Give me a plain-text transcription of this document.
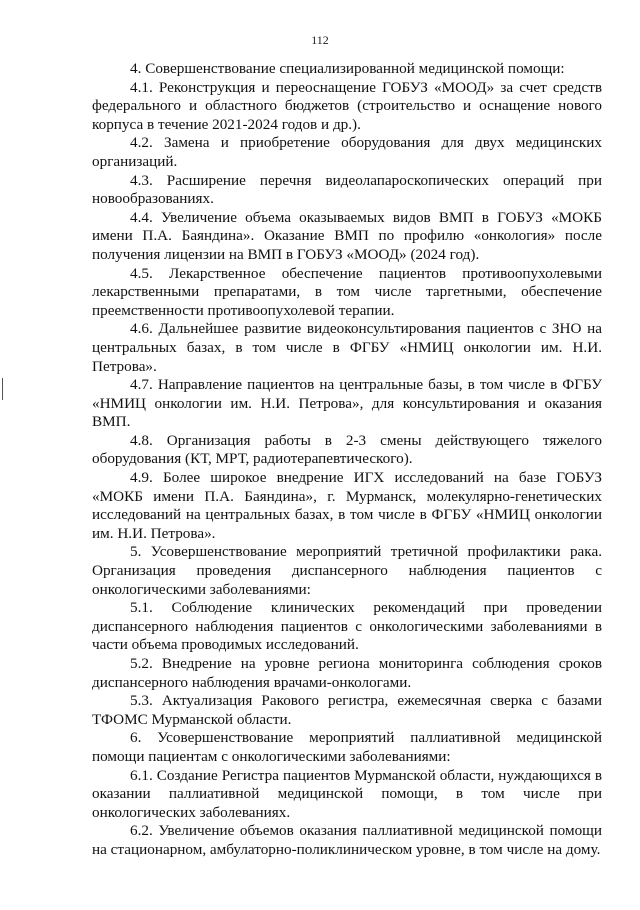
112

4. Совершенствование специализированной медицинской помощи:

4.1. Реконструкция и переоснащение ГОБУЗ «МООД» за счет средств федерального и областного бюджетов (строительство и оснащение нового корпуса в течение 2021-2024 годов и др.).

4.2. Замена и приобретение оборудования для двух медицинских организаций.

4.3. Расширение перечня видеолапароскопических операций при новообразованиях.

4.4. Увеличение объема оказываемых видов ВМП в ГОБУЗ «МОКБ имени П.А. Баяндина». Оказание ВМП по профилю «онкология» после получения лицензии на ВМП в ГОБУЗ «МООД» (2024 год).

4.5. Лекарственное обеспечение пациентов противоопухолевыми лекарственными препаратами, в том числе таргетными, обеспечение преемственности противоопухолевой терапии.

4.6. Дальнейшее развитие видеоконсультирования пациентов с ЗНО на центральных базах, в том числе в ФГБУ «НМИЦ онкологии им. Н.И. Петрова».

4.7. Направление пациентов на центральные базы, в том числе в ФГБУ «НМИЦ онкологии им. Н.И. Петрова», для консультирования и оказания ВМП.

4.8. Организация работы в 2-3 смены действующего тяжелого оборудования (КТ, МРТ, радиотерапевтического).

4.9. Более широкое внедрение ИГХ исследований на базе ГОБУЗ «МОКБ имени П.А. Баяндина», г. Мурманск, молекулярно-генетических исследований на центральных базах, в том числе в ФГБУ «НМИЦ онкологии им. Н.И. Петрова».

5. Усовершенствование мероприятий третичной профилактики рака. Организация проведения диспансерного наблюдения пациентов с онкологическими заболеваниями:

5.1. Соблюдение клинических рекомендаций при проведении диспансерного наблюдения пациентов с онкологическими заболеваниями в части объема проводимых исследований.

5.2. Внедрение на уровне региона мониторинга соблюдения сроков диспансерного наблюдения врачами-онкологами.

5.3. Актуализация Ракового регистра, ежемесячная сверка с базами ТФОМС Мурманской области.

6. Усовершенствование мероприятий паллиативной медицинской помощи пациентам с онкологическими заболеваниями:

6.1. Создание Регистра пациентов Мурманской области, нуждающихся в оказании паллиативной медицинской помощи, в том числе при онкологических заболеваниях.

6.2. Увеличение объемов оказания паллиативной медицинской помощи на стационарном, амбулаторно-поликлиническом уровне, в том числе на дому.
